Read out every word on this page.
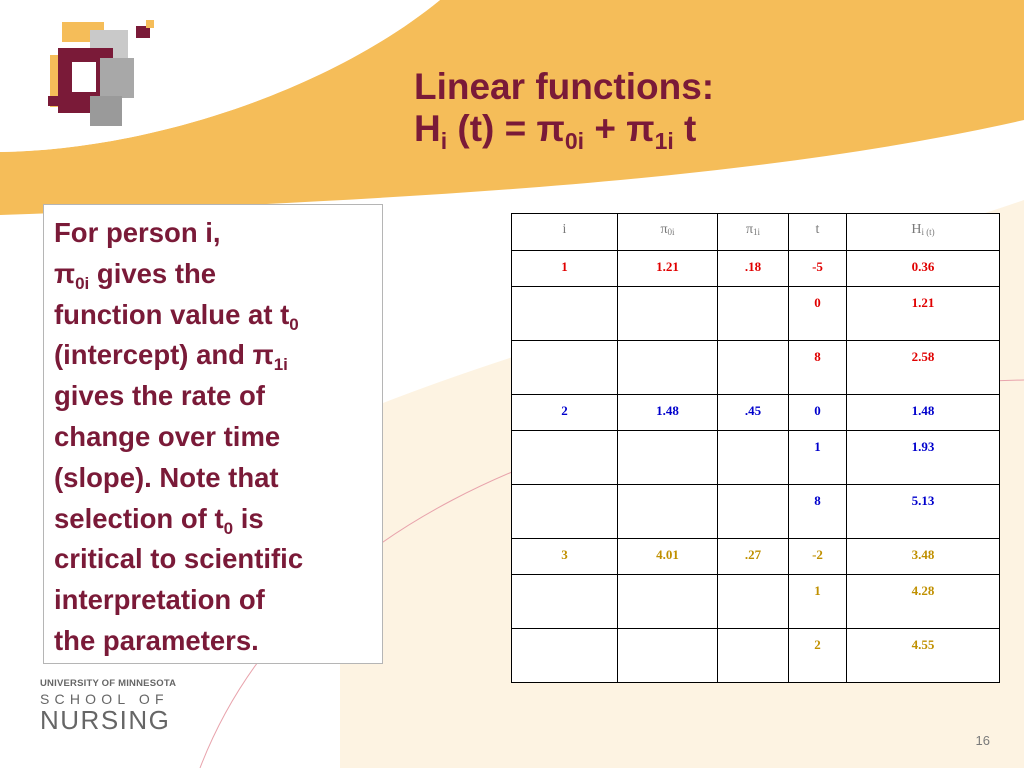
Linear functions:
$H_i$ $(t) = \pi_{0i} + \pi_{1i}$ t
For person i,
$\pi_{0i}$ gives the
function value at $t_0$
(intercept) and $\pi_{1i}$
gives the rate of
change over time
(slope). Note that
selection of $t_0$ is
critical to scientific
interpretation of
the parameters.
i	$\pi_{0i}$	$\pi_{1i}$	t	$H_{i (t)}$
1	1.21	.18	-5	0.36
			0	1.21
			8	2.58
2	1.48	.45	0	1.48
			1	1.93
			8	5.13
3	4.01	.27	-2	3.48
			1	4.28
			2	4.55
UNIVERSITY OF MINNESOTA
SCHOOL OF
NURSING
16
